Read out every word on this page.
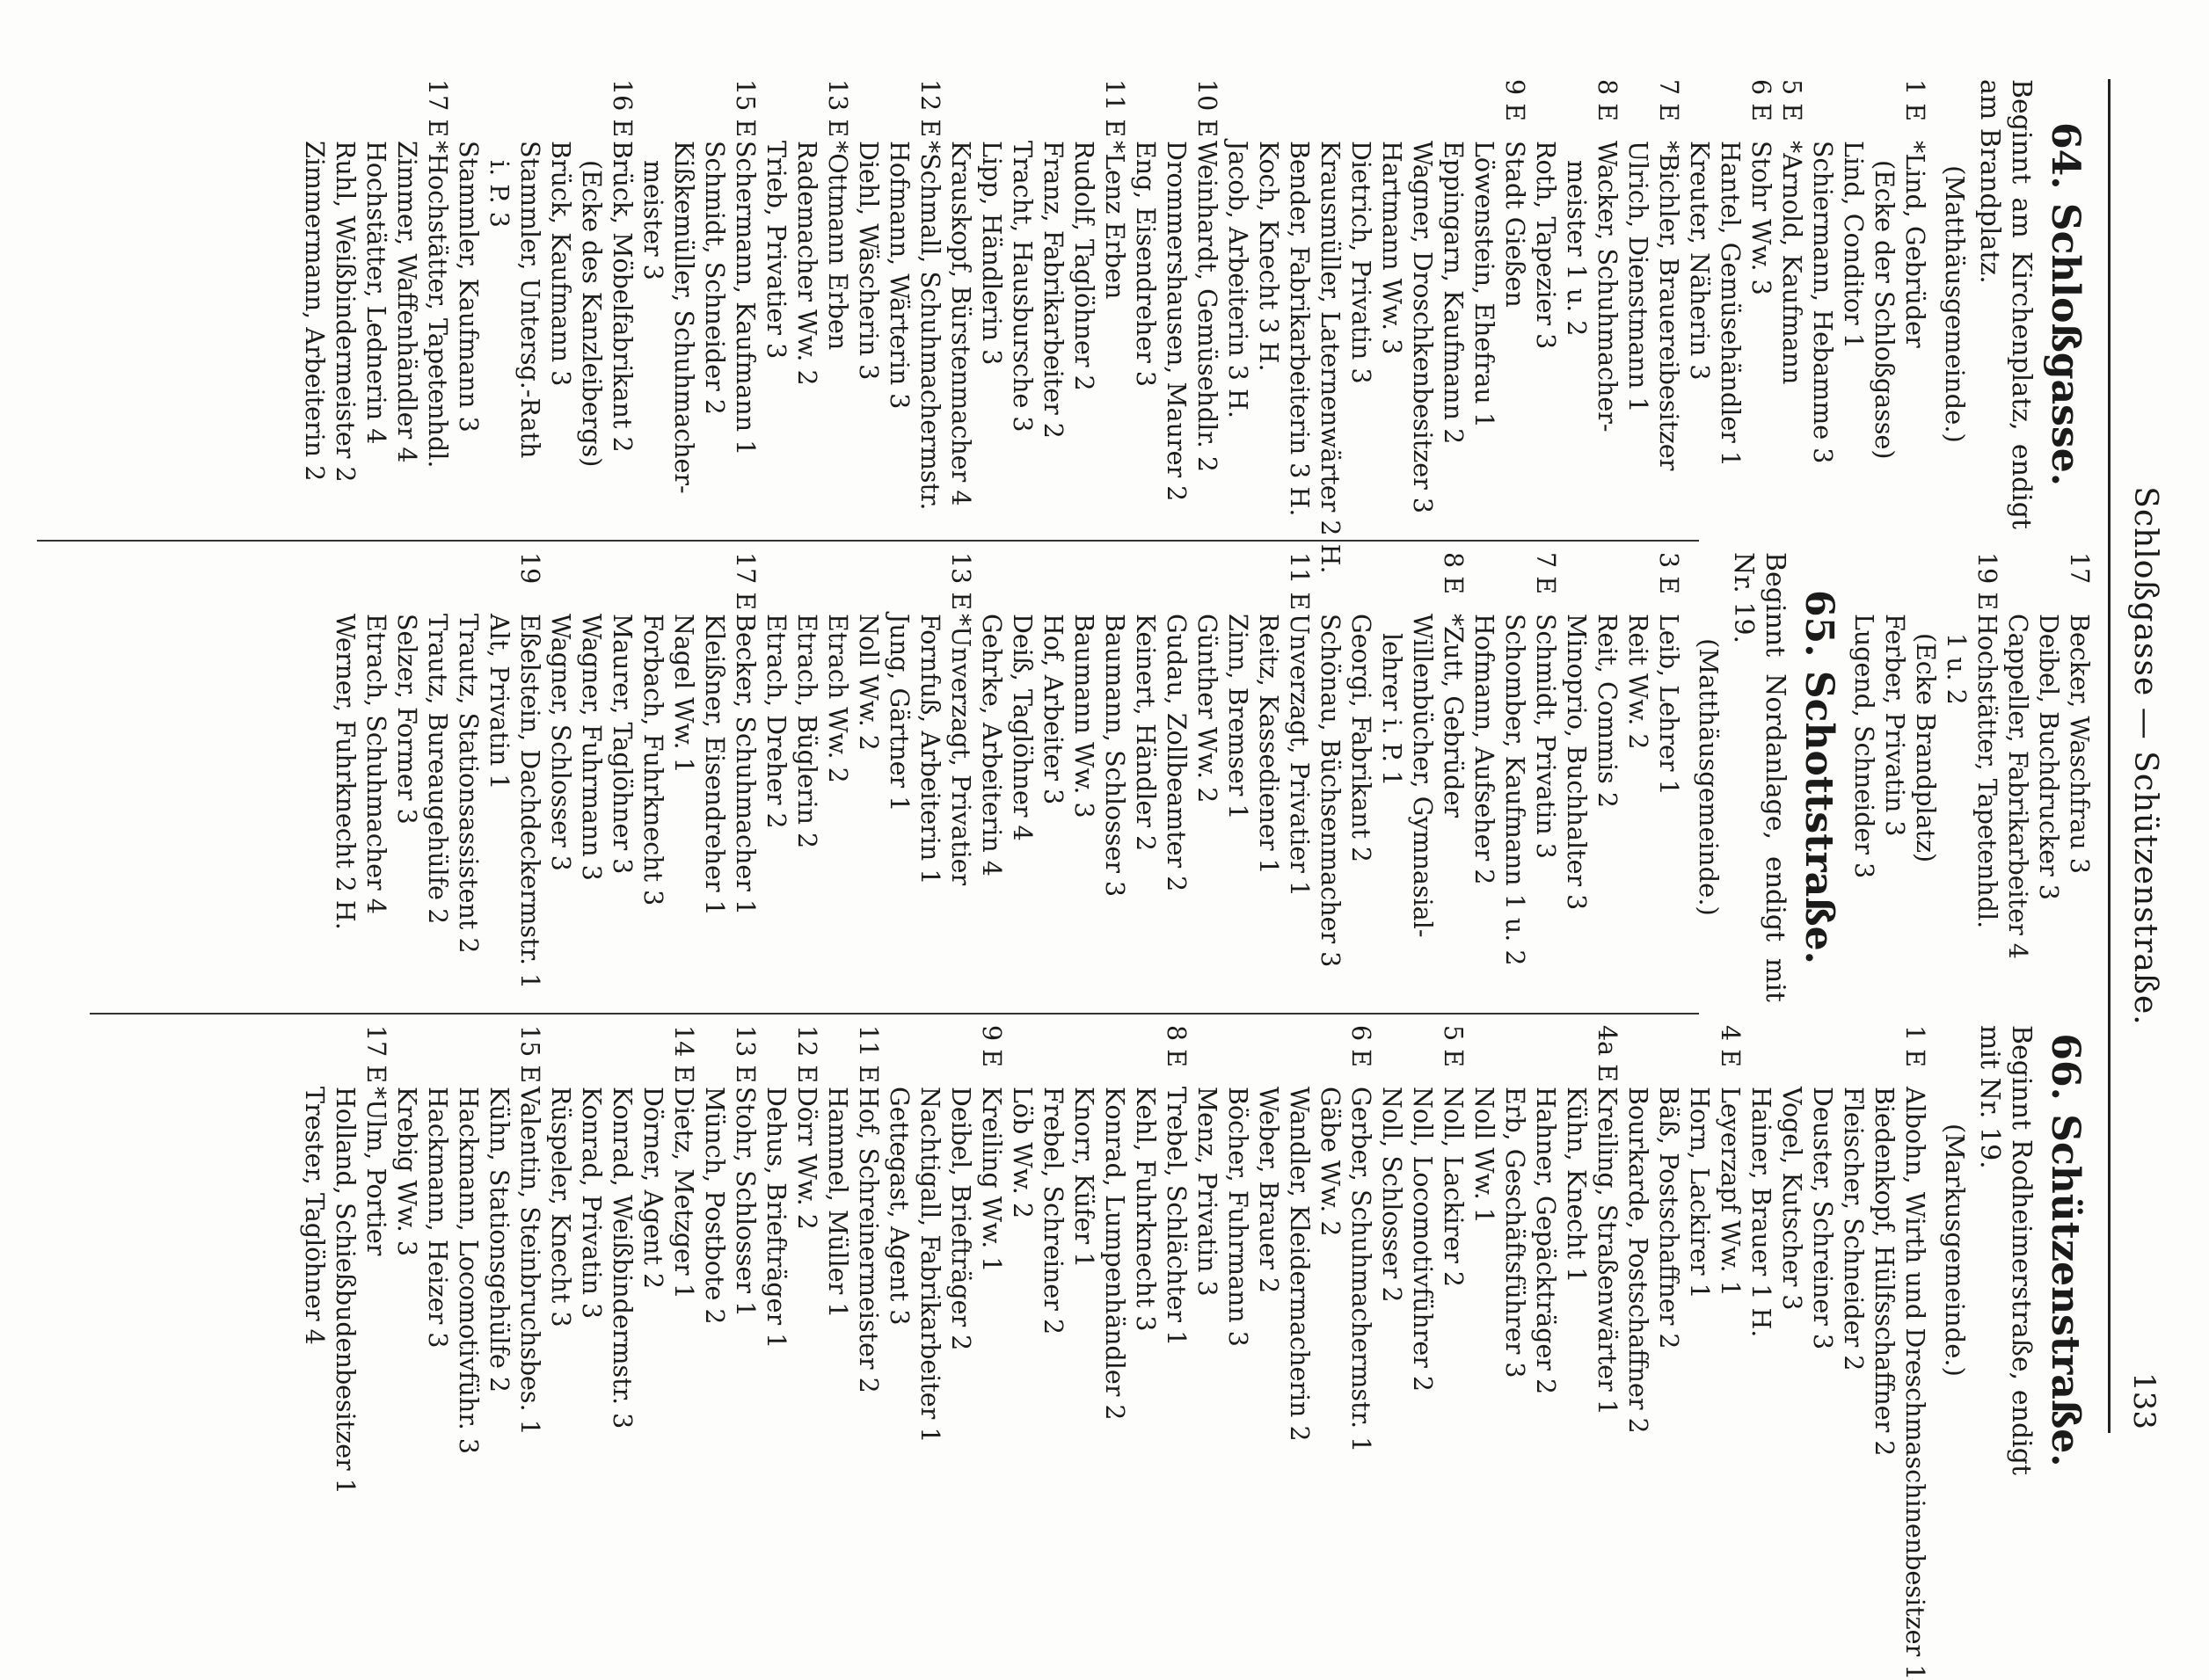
Schloßgasse — Schützenstraße.
133
64. Schloßgasse.
Beginnt am Kirchenplatz, endigt am Brandplatz.
(Matthäusgemeinde.)
1 E
*Lind, Gebrüder
(Ecke der Schloßgasse)
Lind, Conditor 1
Schiermann, Hebamme 3
5 E
*Arnold, Kaufmann
6 E
Stohr Ww. 3
Hantel, Gemüsehändler 1
Kreuter, Näherin 3
7 E
*Bichler, Brauereibesitzer
Ulrich, Dienstmann 1
8 E
Wacker, Schuhmacher-
meister 1 u. 2
Roth, Tapezier 3
9 E
Stadt Gießen
Löwenstein, Ehefrau 1
Eppingarn, Kaufmann 2
Wagner, Droschkenbesitzer 3
Hartmann Ww. 3
Dietrich, Privatin 3
Krausmüller, Laternenwärter 2 H.
Bender, Fabrikarbeiterin 3 H.
Koch, Knecht 3 H.
Jacob, Arbeiterin 3 H.
10 E
Weinhardt, Gemüsehdlr. 2
Drommershausen, Maurer 2
Eng, Eisendreher 3
11 E
*Lenz Erben
Rudolf, Taglöhner 2
Franz, Fabrikarbeiter 2
Tracht, Hausbursche 3
Lipp, Händlerin 3
Krauskopf, Bürstenmacher 4
12 E
*Schmall, Schuhmachermstr.
Hofmann, Wärterin 3
Diehl, Wäscherin 3
13 E
*Ottmann Erben
Rademacher Ww. 2
Trieb, Privatier 3
15 E
Schermann, Kaufmann 1
Schmidt, Schneider 2
Kißkemüller, Schuhmacher-
meister 3
16 E
Brück, Möbelfabrikant 2
(Ecke des Kanzleibergs)
Brück, Kaufmann 3
Stammler, Untersg.-Rath
i. P. 3
Stammler, Kaufmann 3
17 E
*Hochstätter, Tapetenhdl.
Zimmer, Waffenhändler 4
Hochstätter, Lednerin 4
Ruhl, Weißbindermeister 2
Zimmermann, Arbeiterin 2
17
Becker, Waschfrau 3
Deibel, Buchdrucker 3
Cappeller, Fabrikarbeiter 4
19 E
Hochstätter, Tapetenhdl.
1 u. 2
(Ecke Brandplatz)
Ferber, Privatin 3
Lugend, Schneider 3
65. Schottstraße.
Beginnt Nordanlage, endigt mit Nr. 19.
(Matthäusgemeinde.)
3 E
Leib, Lehrer 1
Reit Ww. 2
Reit, Commis 2
Minoprio, Buchhalter 3
7 E
Schmidt, Privatin 3
Schomber, Kaufmann 1 u. 2
Hofmann, Aufseher 2
8 E
*Zutt, Gebrüder
Willenbücher, Gymnasial-
lehrer i. P. 1
Georgi, Fabrikant 2
Schönau, Büchsenmacher 3
11 E
Unverzagt, Privatier 1
Reitz, Kassediener 1
Zinn, Bremser 1
Günther Ww. 2
Gudau, Zollbeamter 2
Keinert, Händler 2
Baumann, Schlosser 3
Baumann Ww. 3
Hof, Arbeiter 3
Deiß, Taglöhner 4
Gehrke, Arbeiterin 4
13 E
*Unverzagt, Privatier
Fornfuß, Arbeiterin 1
Jung, Gärtner 1
Noll Ww. 2
Etrach Ww. 2
Etrach, Büglerin 2
Etrach, Dreher 2
17 E
Becker, Schuhmacher 1
Kleißner, Eisendreher 1
Nagel Ww. 1
Forbach, Fuhrknecht 3
Maurer, Taglöhner 3
Wagner, Fuhrmann 3
Wagner, Schlosser 3
19
Eßelstein, Dachdeckermstr. 1
Alt, Privatin 1
Trautz, Stationsassistent 2
Trautz, Bureaugehülfe 2
Selzer, Former 3
Etrach, Schuhmacher 4
Werner, Fuhrknecht 2 H.
66. Schützenstraße.
Beginnt Rodheimerstraße, endigt mit Nr. 19.
(Markusgemeinde.)
1 E
Albohn, Wirth und Dreschmaschinenbesitzer 1
Biedenkopf, Hülfsschaffner 2
Fleischer, Schneider 2
Deuster, Schreiner 3
Vogel, Kutscher 3
Hainer, Brauer 1 H.
4 E
Leyerzapf Ww. 1
Horn, Lackirer 1
Bäß, Postschaffner 2
Bourkarde, Postschaffner 2
4a E
Kreiling, Straßenwärter 1
Kühn, Knecht 1
Hahner, Gepäckträger 2
Erb, Geschäftsführer 3
Noll Ww. 1
5 E
Noll, Lackirer 2
Noll, Locomotivführer 2
Noll, Schlosser 2
6 E
Gerber, Schuhmachermstr. 1
Gäbe Ww. 2
Wandler, Kleidermacherin 2
Weber, Brauer 2
Böcher, Fuhrmann 3
Menz, Privatin 3
8 E
Trebel, Schlächter 1
Kehl, Fuhrknecht 3
Konrad, Lumpenhändler 2
Knorr, Küfer 1
Frebel, Schreiner 2
Löb Ww. 2
9 E
Kreiling Ww. 1
Deibel, Briefträger 2
Nachtigall, Fabrikarbeiter 1
Gettegast, Agent 3
11 E
Hof, Schreinermeister 2
Hammel, Müller 1
12 E
Dörr Ww. 2
Dehus, Briefträger 1
13 E
Stohr, Schlosser 1
Münch, Postbote 2
14 E
Dietz, Metzger 1
Dörner, Agent 2
Konrad, Weißbindermstr. 3
Konrad, Privatin 3
Rüspeler, Knecht 3
15 E
Valentin, Steinbruchsbes. 1
Kühn, Stationsgehülfe 2
Hackmann, Locomotivführ. 3
Hackmann, Heizer 3
Krebig Ww. 3
17 E
*Ulm, Portier
Holland, Schießbudenbesitzer 1
Trester, Taglöhner 4
